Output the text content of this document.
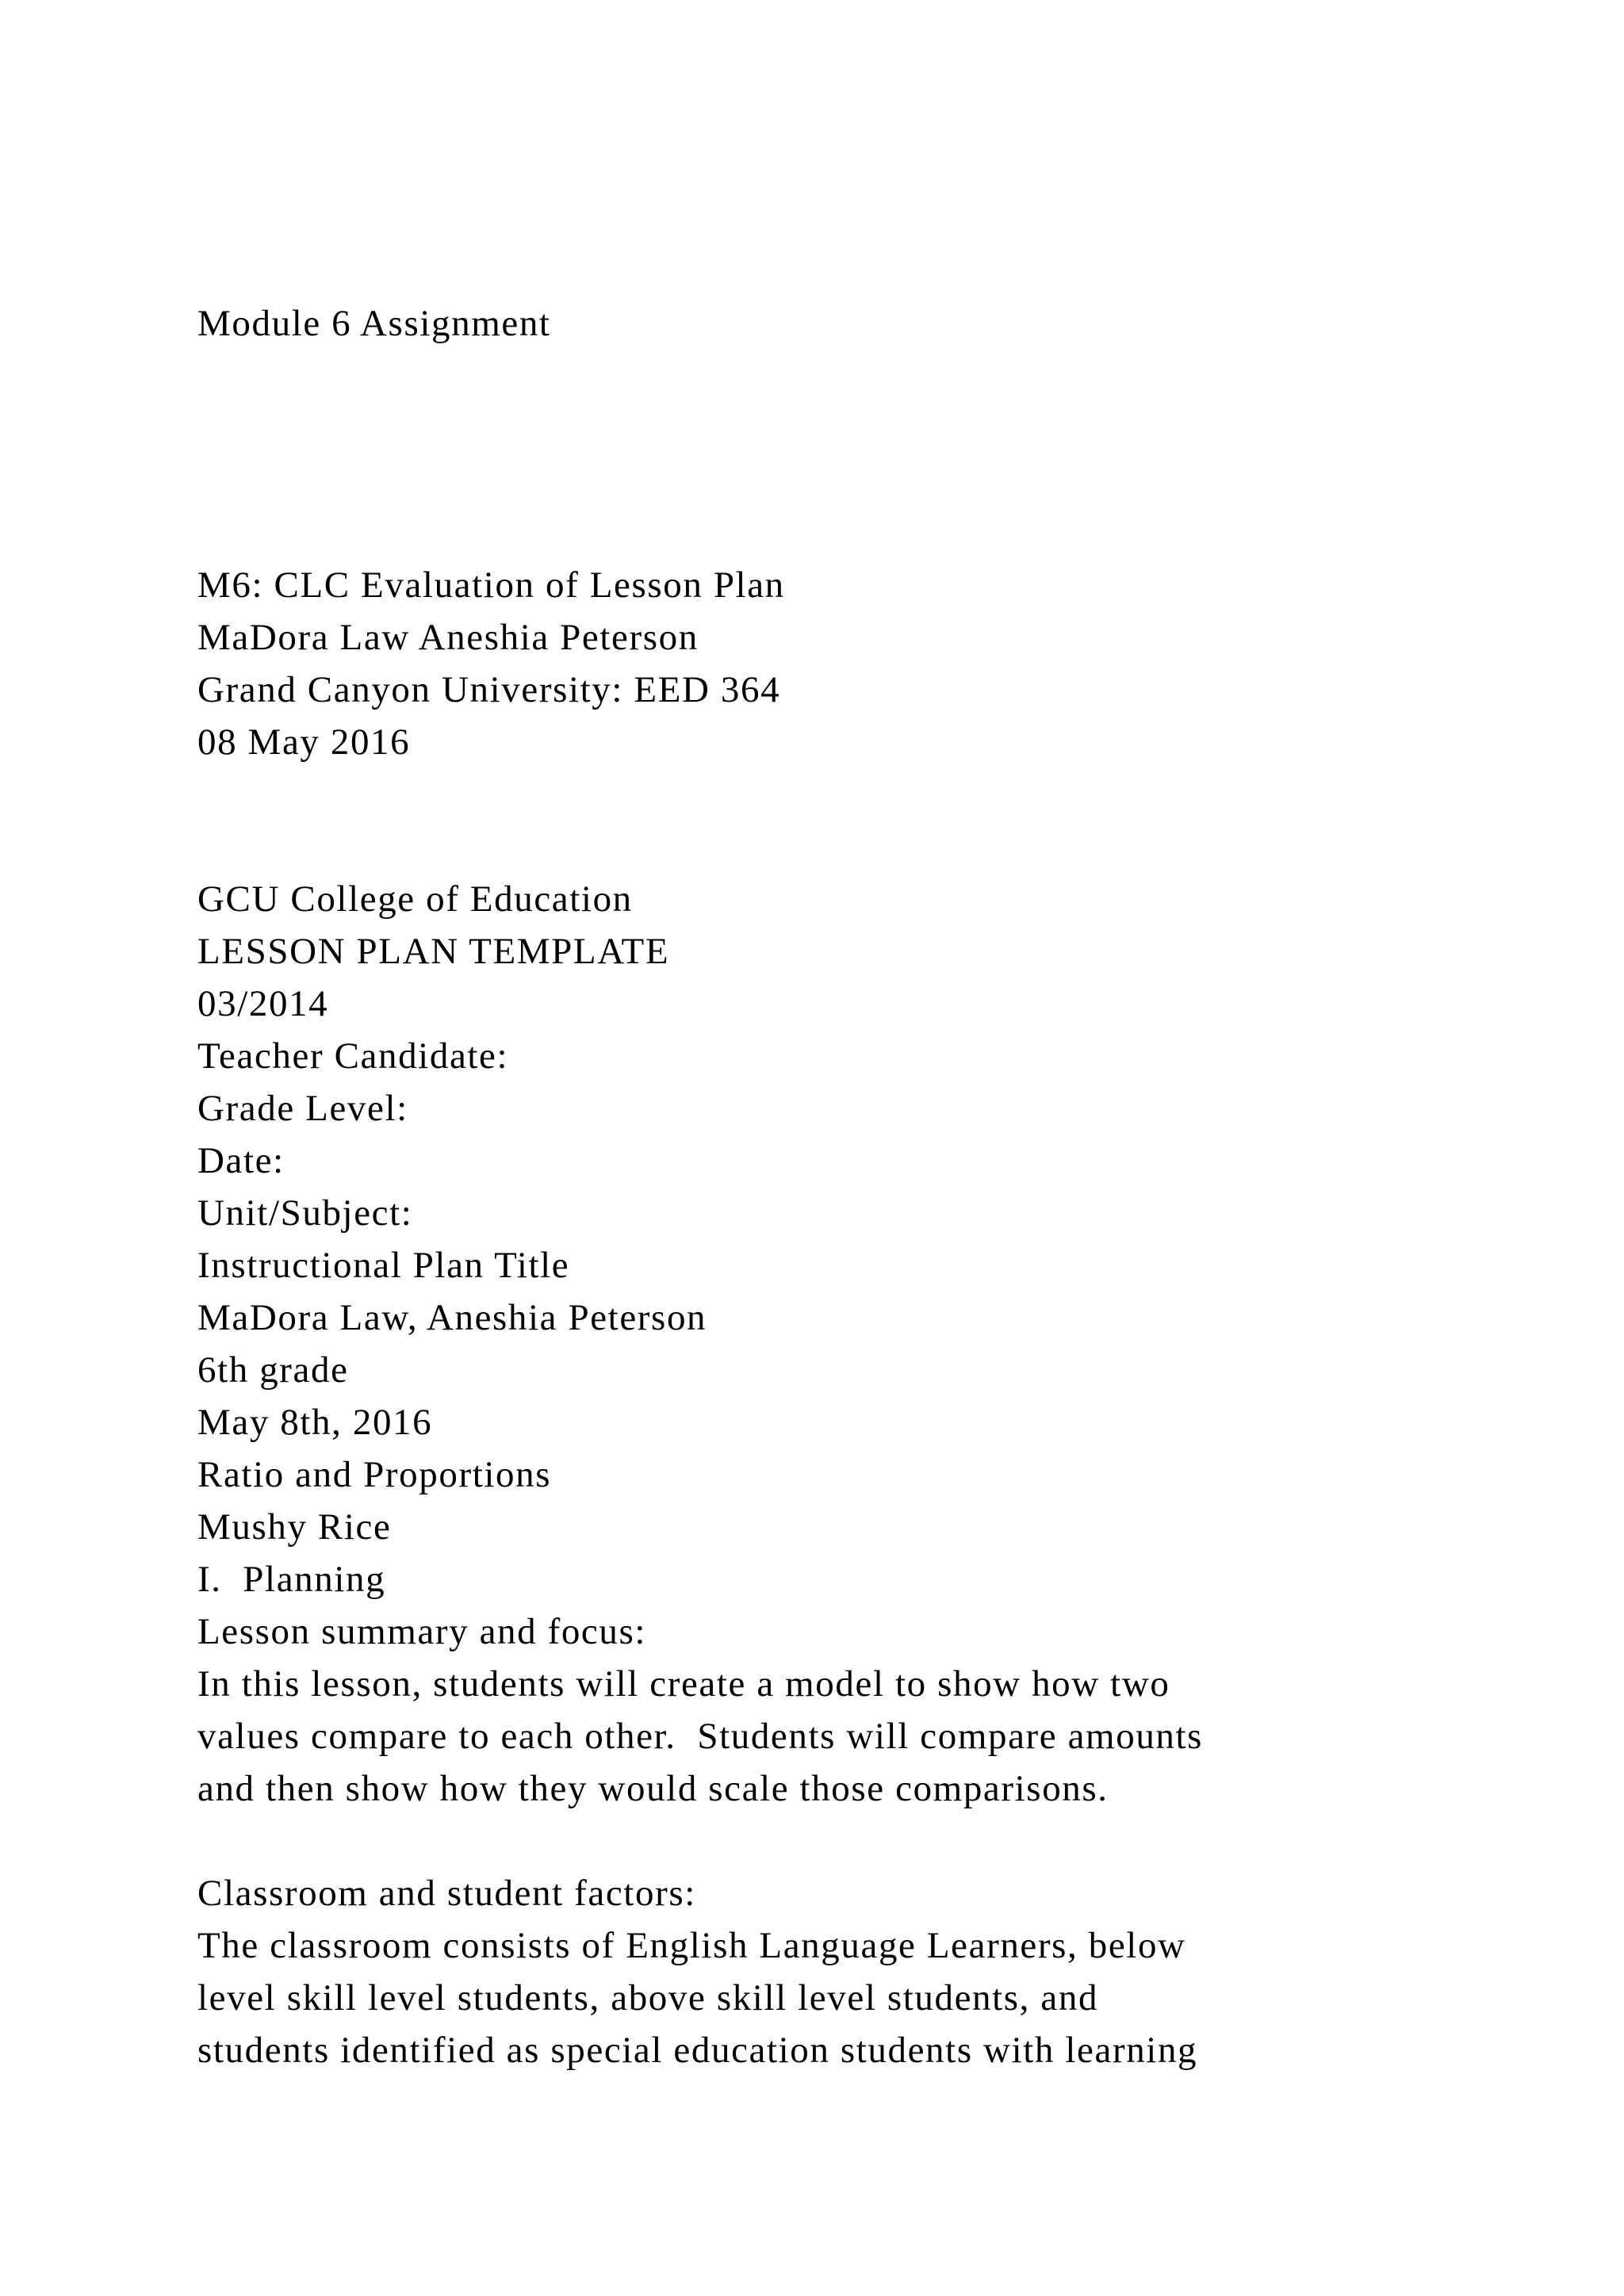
Module 6 Assignment
M6: CLC Evaluation of Lesson Plan
MaDora Law Aneshia Peterson
Grand Canyon University: EED 364
08 May 2016
GCU College of Education
LESSON PLAN TEMPLATE
03/2014
Teacher Candidate:
Grade Level:
Date:
Unit/Subject:
Instructional Plan Title
MaDora Law, Aneshia Peterson
6th grade
May 8th, 2016
Ratio and Proportions
Mushy Rice
I.  Planning
Lesson summary and focus:
In this lesson, students will create a model to show how two
values compare to each other.  Students will compare amounts
and then show how they would scale those comparisons.
Classroom and student factors:
The classroom consists of English Language Learners, below
level skill level students, above skill level students, and
students identified as special education students with learning
